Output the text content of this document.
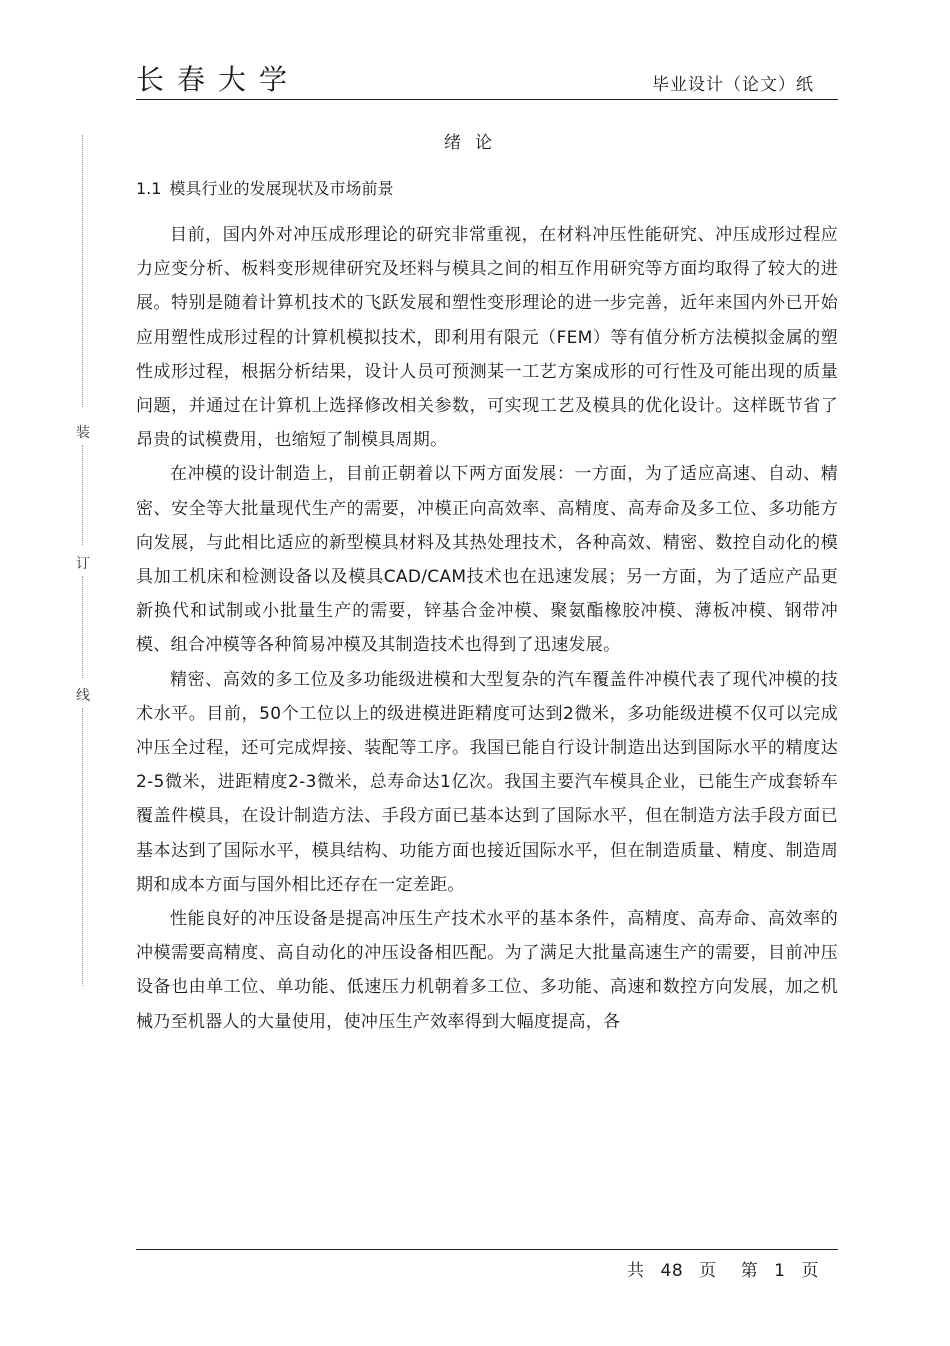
长春大学	毕业设计（论文）纸
装
订
线
绪论
1.1 模具行业的发展现状及市场前景

目前，国内外对冲压成形理论的研究非常重视，在材料冲压性能研究、冲压成形过程应力应变分析、板料变形规律研究及坯料与模具之间的相互作用研究等方面均取得了较大的进展。特别是随着计算机技术的飞跃发展和塑性变形理论的进一步完善，近年来国内外已开始应用塑性成形过程的计算机模拟技术，即利用有限元（FEM）等有值分析方法模拟金属的塑性成形过程，根据分析结果，设计人员可预测某一工艺方案成形的可行性及可能出现的质量问题，并通过在计算机上选择修改相关参数，可实现工艺及模具的优化设计。这样既节省了昂贵的试模费用，也缩短了制模具周期。

在冲模的设计制造上，目前正朝着以下两方面发展：一方面，为了适应高速、自动、精密、安全等大批量现代生产的需要，冲模正向高效率、高精度、高寿命及多工位、多功能方向发展，与此相比适应的新型模具材料及其热处理技术，各种高效、精密、数控自动化的模具加工机床和检测设备以及模具CAD/CAM技术也在迅速发展；另一方面，为了适应产品更新换代和试制或小批量生产的需要，锌基合金冲模、聚氨酯橡胶冲模、薄板冲模、钢带冲模、组合冲模等各种简易冲模及其制造技术也得到了迅速发展。

精密、高效的多工位及多功能级进模和大型复杂的汽车覆盖件冲模代表了现代冲模的技术水平。目前，50个工位以上的级进模进距精度可达到2微米，多功能级进模不仅可以完成冲压全过程，还可完成焊接、装配等工序。我国已能自行设计制造出达到国际水平的精度达2-5微米，进距精度2-3微米，总寿命达1亿次。我国主要汽车模具企业，已能生产成套轿车覆盖件模具，在设计制造方法、手段方面已基本达到了国际水平，但在制造方法手段方面已基本达到了国际水平，模具结构、功能方面也接近国际水平，但在制造质量、精度、制造周期和成本方面与国外相比还存在一定差距。

性能良好的冲压设备是提高冲压生产技术水平的基本条件，高精度、高寿命、高效率的冲模需要高精度、高自动化的冲压设备相匹配。为了满足大批量高速生产的需要，目前冲压设备也由单工位、单功能、低速压力机朝着多工位、多功能、高速和数控方向发展，加之机械乃至机器人的大量使用，使冲压生产效率得到大幅度提高，各

共 48 页 第 1 页
